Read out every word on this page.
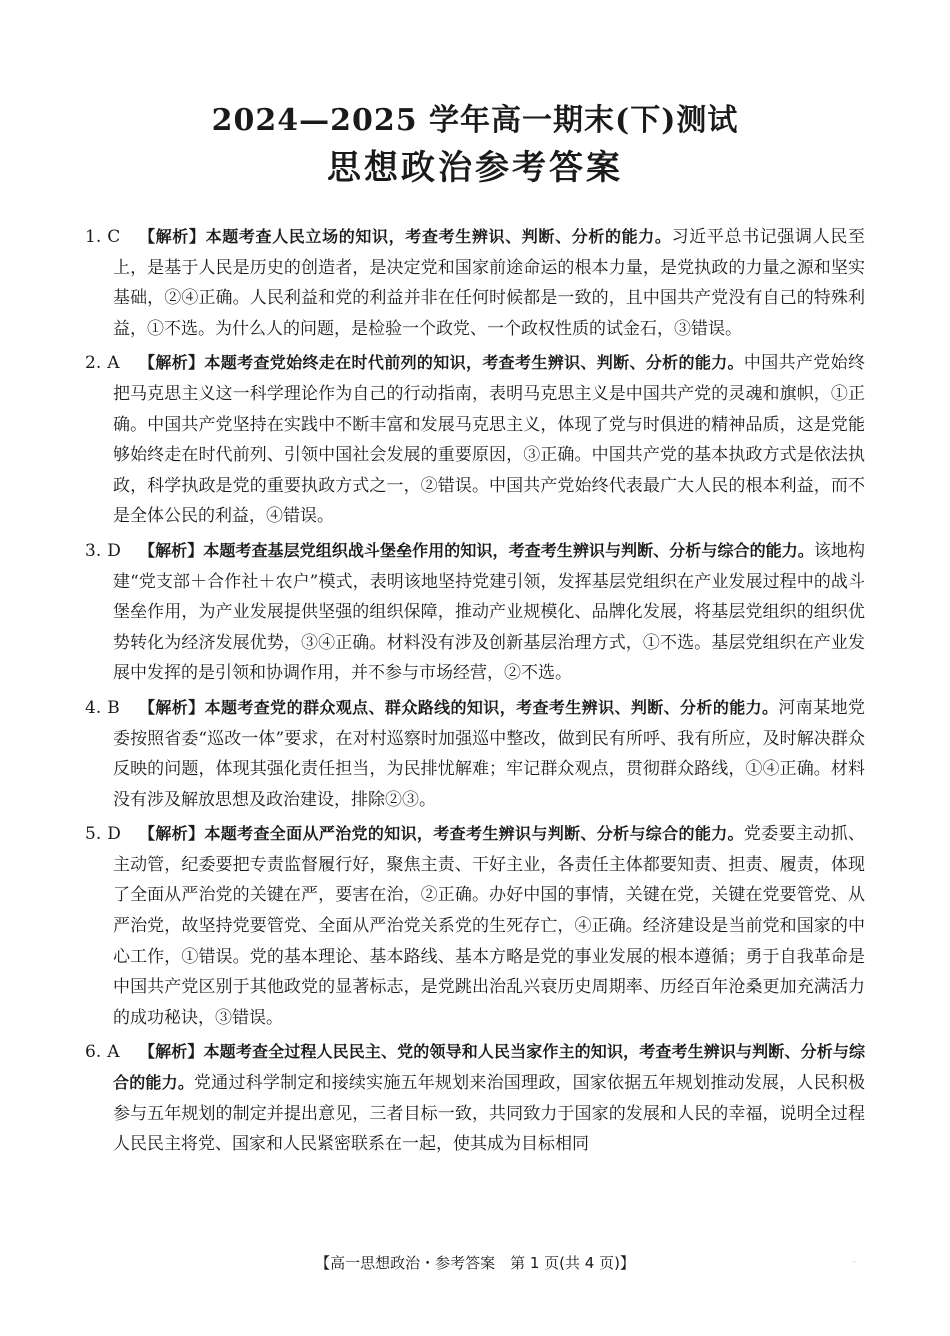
2024—2025 学年高一期末(下)测试
思想政治参考答案
1. C 【解析】本题考查人民立场的知识，考查考生辨识、判断、分析的能力。习近平总书记强调人民至上，是基于人民是历史的创造者，是决定党和国家前途命运的根本力量，是党执政的力量之源和坚实基础，②④正确。人民利益和党的利益并非在任何时候都是一致的，且中国共产党没有自己的特殊利益，①不选。为什么人的问题，是检验一个政党、一个政权性质的试金石，③错误。
2. A 【解析】本题考查党始终走在时代前列的知识，考查考生辨识、判断、分析的能力。中国共产党始终把马克思主义这一科学理论作为自己的行动指南，表明马克思主义是中国共产党的灵魂和旗帜，①正确。中国共产党坚持在实践中不断丰富和发展马克思主义，体现了党与时俱进的精神品质，这是党能够始终走在时代前列、引领中国社会发展的重要原因，③正确。中国共产党的基本执政方式是依法执政，科学执政是党的重要执政方式之一，②错误。中国共产党始终代表最广大人民的根本利益，而不是全体公民的利益，④错误。
3. D 【解析】本题考查基层党组织战斗堡垒作用的知识，考查考生辨识与判断、分析与综合的能力。该地构建“党支部＋合作社＋农户”模式，表明该地坚持党建引领，发挥基层党组织在产业发展过程中的战斗堡垒作用，为产业发展提供坚强的组织保障，推动产业规模化、品牌化发展，将基层党组织的组织优势转化为经济发展优势，③④正确。材料没有涉及创新基层治理方式，①不选。基层党组织在产业发展中发挥的是引领和协调作用，并不参与市场经营，②不选。
4. B 【解析】本题考查党的群众观点、群众路线的知识，考查考生辨识、判断、分析的能力。河南某地党委按照省委“巡改一体”要求，在对村巡察时加强巡中整改，做到民有所呼、我有所应，及时解决群众反映的问题，体现其强化责任担当，为民排忧解难；牢记群众观点，贯彻群众路线，①④正确。材料没有涉及解放思想及政治建设，排除②③。
5. D 【解析】本题考查全面从严治党的知识，考查考生辨识与判断、分析与综合的能力。党委要主动抓、主动管，纪委要把专责监督履行好，聚焦主责、干好主业，各责任主体都要知责、担责、履责，体现了全面从严治党的关键在严，要害在治，②正确。办好中国的事情，关键在党，关键在党要管党、从严治党，故坚持党要管党、全面从严治党关系党的生死存亡，④正确。经济建设是当前党和国家的中心工作，①错误。党的基本理论、基本路线、基本方略是党的事业发展的根本遵循；勇于自我革命是中国共产党区别于其他政党的显著标志，是党跳出治乱兴衰历史周期率、历经百年沧桑更加充满活力的成功秘诀，③错误。
6. A 【解析】本题考查全过程人民民主、党的领导和人民当家作主的知识，考查考生辨识与判断、分析与综合的能力。党通过科学制定和接续实施五年规划来治国理政，国家依据五年规划推动发展，人民积极参与五年规划的制定并提出意见，三者目标一致，共同致力于国家的发展和人民的幸福，说明全过程人民民主将党、国家和人民紧密联系在一起，使其成为目标相同
【高一思想政治・参考答案　第 1 页(共 4 页)】	··
